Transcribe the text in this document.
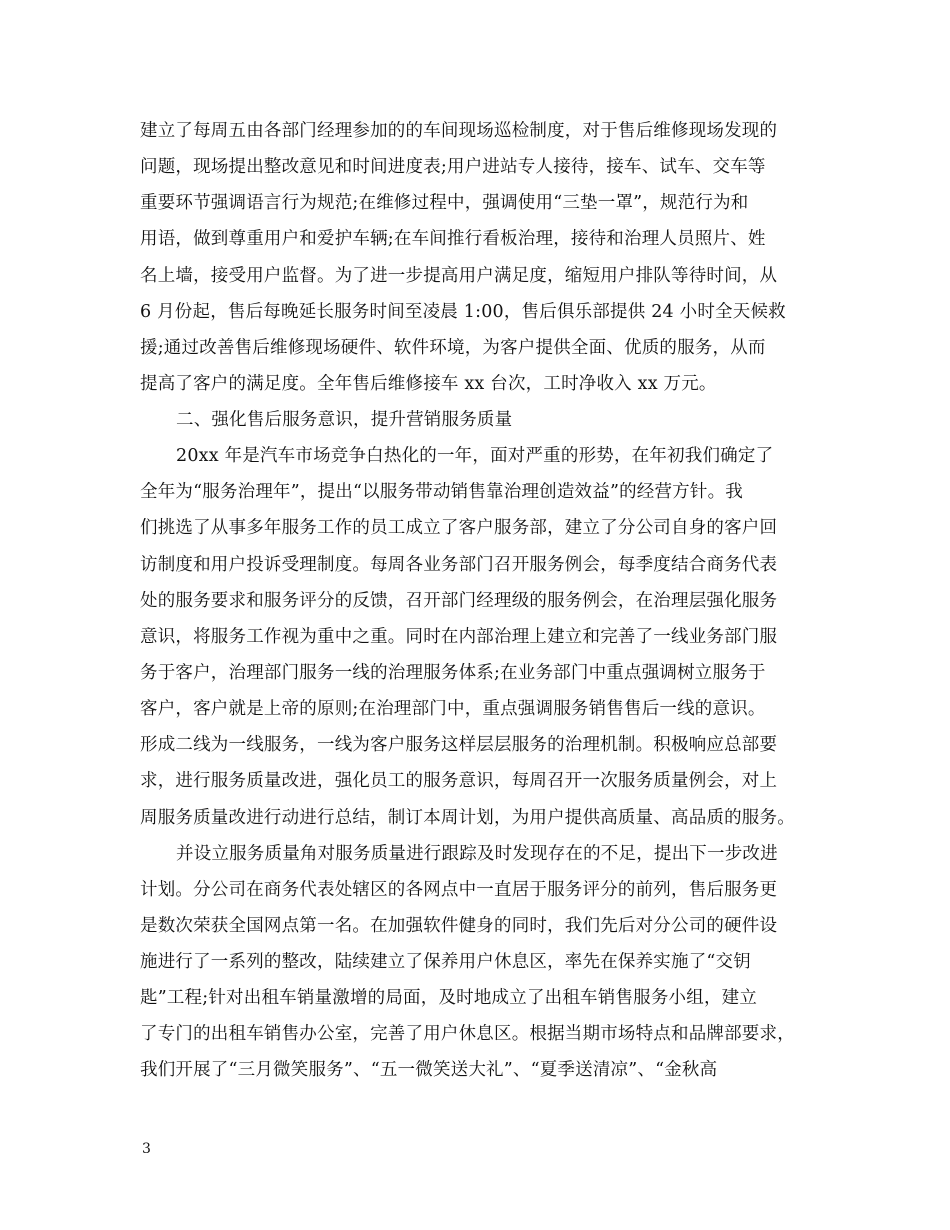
建立了每周五由各部门经理参加的的车间现场巡检制度，对于售后维修现场发现的
问题，现场提出整改意见和时间进度表;用户进站专人接待，接车、试车、交车等
重要环节强调语言行为规范;在维修过程中，强调使用“三垫一罩”，规范行为和
用语，做到尊重用户和爱护车辆;在车间推行看板治理，接待和治理人员照片、姓
名上墙，接受用户监督。为了进一步提高用户满足度，缩短用户排队等待时间，从
6 月份起，售后每晚延长服务时间至凌晨 1:00，售后俱乐部提供 24 小时全天候救
援;通过改善售后维修现场硬件、软件环境，为客户提供全面、优质的服务，从而
提高了客户的满足度。全年售后维修接车 xx 台次，工时净收入 xx 万元。
二、强化售后服务意识，提升营销服务质量
20xx 年是汽车市场竞争白热化的一年，面对严重的形势，在年初我们确定了
全年为“服务治理年”，提出“以服务带动销售靠治理创造效益”的经营方针。我
们挑选了从事多年服务工作的员工成立了客户服务部，建立了分公司自身的客户回
访制度和用户投诉受理制度。每周各业务部门召开服务例会，每季度结合商务代表
处的服务要求和服务评分的反馈，召开部门经理级的服务例会，在治理层强化服务
意识，将服务工作视为重中之重。同时在内部治理上建立和完善了一线业务部门服
务于客户，治理部门服务一线的治理服务体系;在业务部门中重点强调树立服务于
客户，客户就是上帝的原则;在治理部门中，重点强调服务销售售后一线的意识。
形成二线为一线服务，一线为客户服务这样层层服务的治理机制。积极响应总部要
求，进行服务质量改进，强化员工的服务意识，每周召开一次服务质量例会，对上
周服务质量改进行动进行总结，制订本周计划，为用户提供高质量、高品质的服务。
并设立服务质量角对服务质量进行跟踪及时发现存在的不足，提出下一步改进
计划。分公司在商务代表处辖区的各网点中一直居于服务评分的前列，售后服务更
是数次荣获全国网点第一名。在加强软件健身的同时，我们先后对分公司的硬件设
施进行了一系列的整改，陆续建立了保养用户休息区，率先在保养实施了“交钥
匙”工程;针对出租车销量激增的局面，及时地成立了出租车销售服务小组，建立
了专门的出租车销售办公室，完善了用户休息区。根据当期市场特点和品牌部要求，
我们开展了“三月微笑服务”、“五一微笑送大礼”、“夏季送清凉”、“金秋高
3
